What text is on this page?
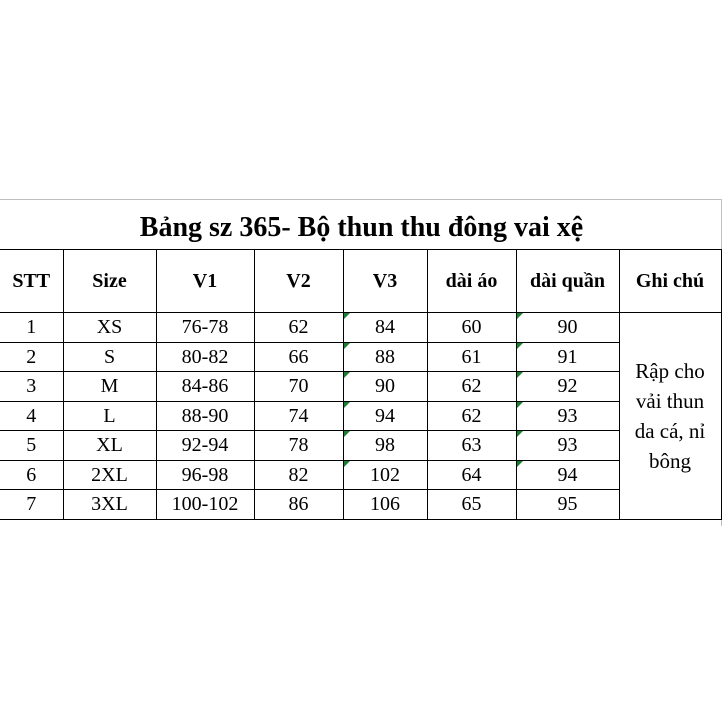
Bảng sz 365- Bộ thun thu đông vai xệ
STT	Size	V1	V2	V3	dài áo	dài quần	Ghi chú
1	XS	76-78	62	84	60	90	Rập cho vải thun da cá, nỉ bông
2	S	80-82	66	88	61	91	
3	M	84-86	70	90	62	92	
4	L	88-90	74	94	62	93	
5	XL	92-94	78	98	63	93	
6	2XL	96-98	82	102	64	94	
7	3XL	100-102	86	106	65	95	
